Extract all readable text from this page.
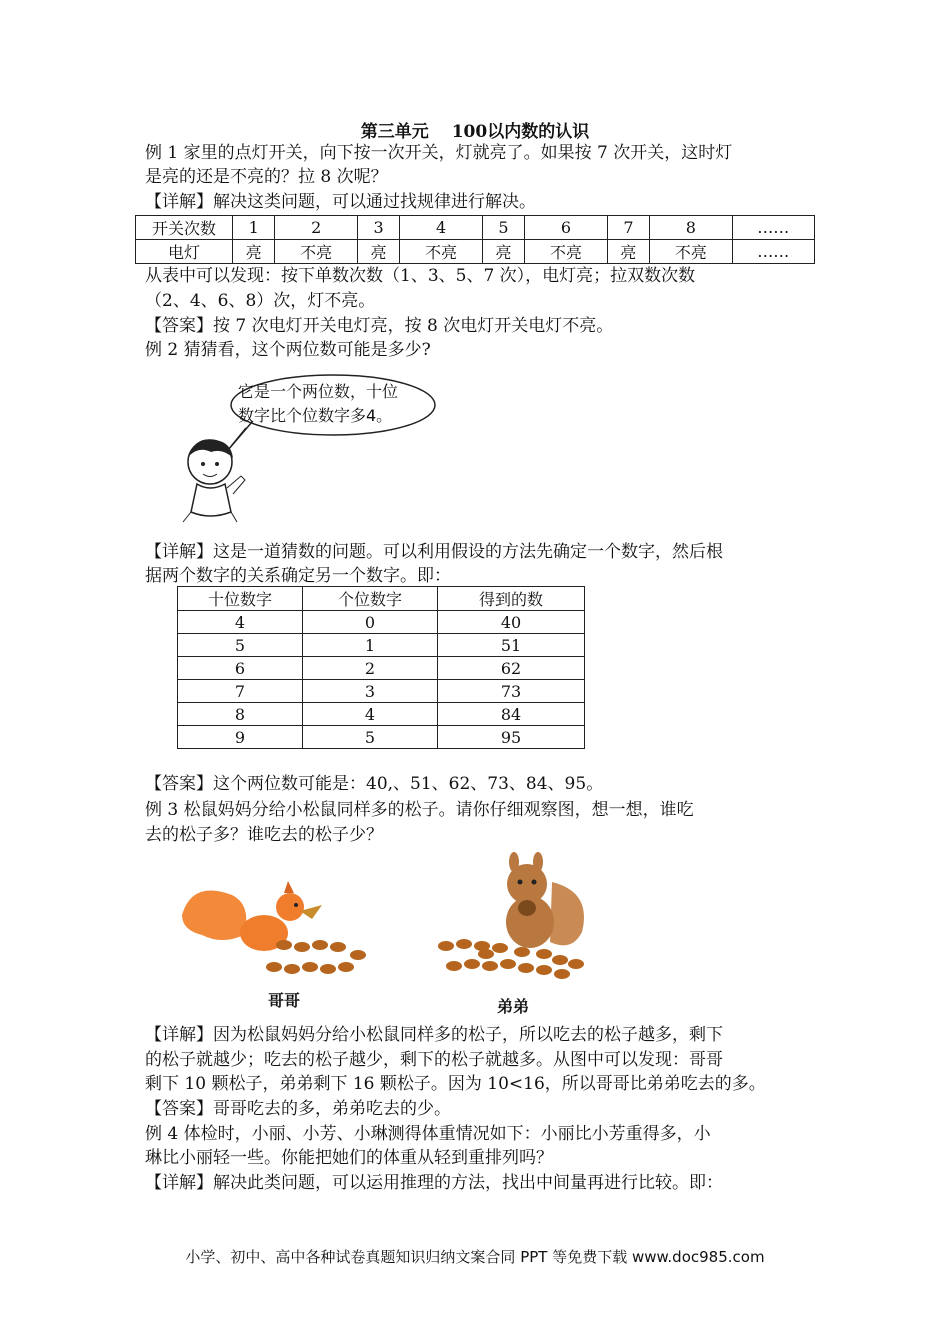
第三单元　 100以内数的认识
例 1 家里的点灯开关，向下按一次开关，灯就亮了。如果按 7 次开关，这时灯
是亮的还是不亮的？拉 8 次呢？
【详解】解决这类问题，可以通过找规律进行解决。
开关次数	1	2	3	4	5	6	7	8	……
电灯	亮	不亮	亮	不亮	亮	不亮	亮	不亮	……
从表中可以发现：按下单数次数（1、3、5、7 次），电灯亮；拉双数次数
（2、4、6、8）次，灯不亮。
【答案】按 7 次电灯开关电灯亮，按 8 次电灯开关电灯不亮。
例 2 猜猜看，这个两位数可能是多少?
它是一个两位数，十位
数字比个位数字多4。
【详解】这是一道猜数的问题。可以利用假设的方法先确定一个数字，然后根
据两个数字的关系确定另一个数字。即：
十位数字	个位数字	得到的数
4	0	40
5	1	51
6	2	62
7	3	73
8	4	84
9	5	95
【答案】这个两位数可能是：40,、51、62、73、84、95。
例 3 松鼠妈妈分给小松鼠同样多的松子。请你仔细观察图，想一想，谁吃
去的松子多？谁吃去的松子少？
哥哥	弟弟
【详解】因为松鼠妈妈分给小松鼠同样多的松子，所以吃去的松子越多，剩下
的松子就越少；吃去的松子越少，剩下的松子就越多。从图中可以发现：哥哥
剩下 10 颗松子，弟弟剩下 16 颗松子。因为 10<16，所以哥哥比弟弟吃去的多。
【答案】哥哥吃去的多，弟弟吃去的少。
例 4 体检时，小丽、小芳、小琳测得体重情况如下：小丽比小芳重得多，小
琳比小丽轻一些。你能把她们的体重从轻到重排列吗？
【详解】解决此类问题，可以运用推理的方法，找出中间量再进行比较。即：
小学、初中、高中各种试卷真题知识归纳文案合同 PPT 等免费下载 www.doc985.com
